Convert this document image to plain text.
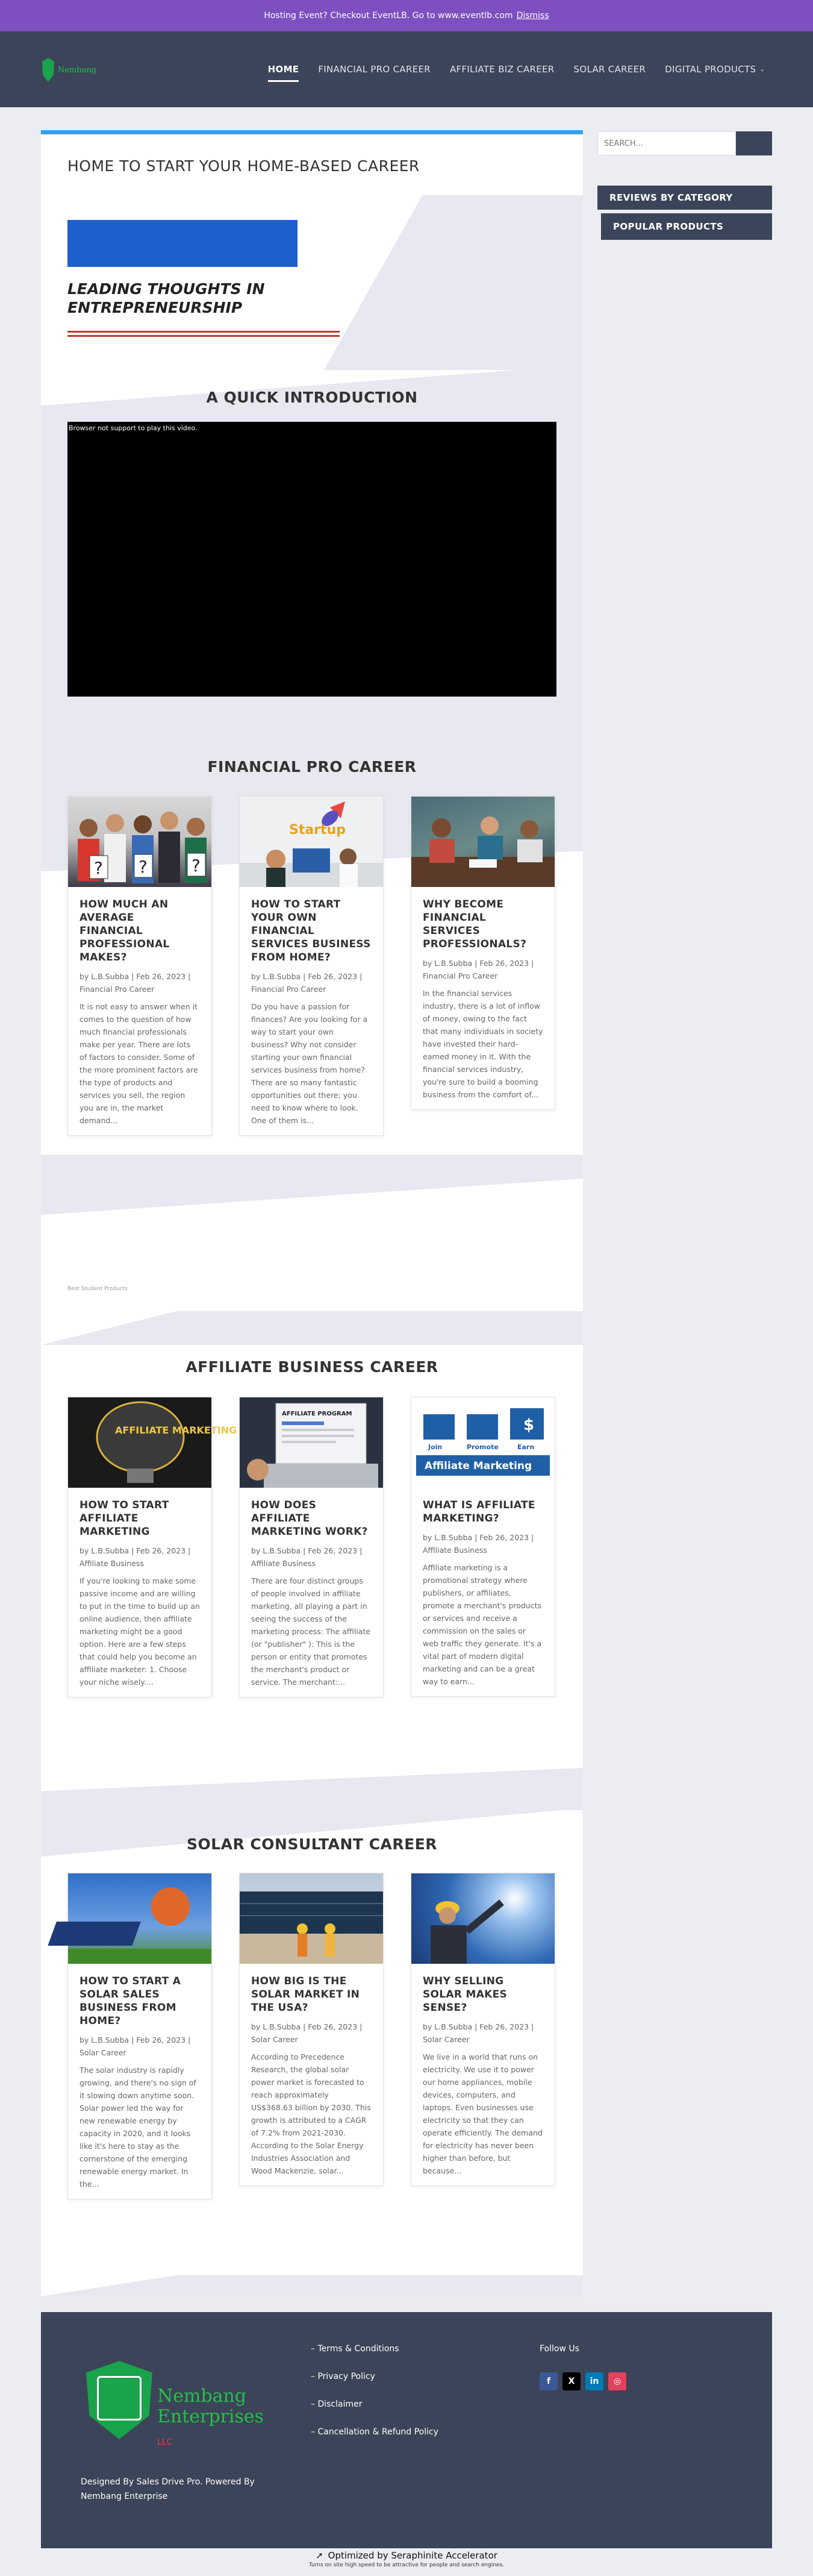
Hosting Event? Checkout EventLB. Go to www.eventlb.com Dismiss
Nembang	HOME FINANCIAL PRO CAREER AFFILIATE BIZ CAREER SOLAR CAREER DIGITAL PRODUCTS ⌄
HOME TO START YOUR HOME-BASED CAREER
LEADING THOUGHTS IN ENTREPRENEURSHIP
A QUICK INTRODUCTION
Browser not support to play this video.
FINANCIAL PRO CAREER
? ?	?
HOW MUCH AN AVERAGE FINANCIAL PROFESSIONAL MAKES?
by L.B.Subba | Feb 26, 2023 | Financial Pro Career
It is not easy to answer when it comes to the question of how much financial professionals make per year. There are lots of factors to consider. Some of the more prominent factors are the type of products and services you sell, the region you are in, the market demand...
Startup
HOW TO START YOUR OWN FINANCIAL SERVICES BUSINESS FROM HOME?
by L.B.Subba | Feb 26, 2023 | Financial Pro Career
Do you have a passion for finances? Are you looking for a way to start your own business? Why not consider starting your own financial services business from home? There are so many fantastic opportunities out there; you need to know where to look. One of them is...
WHY BECOME FINANCIAL SERVICES PROFESSIONALS?
by L.B.Subba | Feb 26, 2023 | Financial Pro Career
In the financial services industry, there is a lot of inflow of money, owing to the fact that many individuals in society have invested their hard-earned money in it. With the financial services industry, you're sure to build a booming business from the comfort of...
Best Student Products
AFFILIATE BUSINESS CAREER
AFFILIATE MARKETING
HOW TO START AFFILIATE MARKETING
by L.B.Subba | Feb 26, 2023 | Affiliate Business
If you're looking to make some passive income and are willing to put in the time to build up an online audience, then affiliate marketing might be a good option. Here are a few steps that could help you become an affiliate marketer: 1. Choose your niche wisely....
AFFILIATE PROGRAM
HOW DOES AFFILIATE MARKETING WORK?
by L.B.Subba | Feb 26, 2023 | Affiliate Business
There are four distinct groups of people involved in affiliate marketing, all playing a part in seeing the success of the marketing process: The affiliate (or "publisher" ): This is the person or entity that promotes the merchant's product or service. The merchant:...
$
Join	Promote	Earn
Affiliate Marketing
WHAT IS AFFILIATE MARKETING?
by L.B.Subba | Feb 26, 2023 | Affiliate Business
Affiliate marketing is a promotional strategy where publishers, or affiliates, promote a merchant's products or services and receive a commission on the sales or web traffic they generate. It's a vital part of modern digital marketing and can be a great way to earn...
SOLAR CONSULTANT CAREER
HOW TO START A SOLAR SALES BUSINESS FROM HOME?
by L.B.Subba | Feb 26, 2023 | Solar Career
The solar industry is rapidly growing, and there's no sign of it slowing down anytime soon. Solar power led the way for new renewable energy by capacity in 2020, and it looks like it's here to stay as the cornerstone of the emerging renewable energy market. In the...
HOW BIG IS THE SOLAR MARKET IN THE USA?
by L.B.Subba | Feb 26, 2023 | Solar Career
According to Precedence Research, the global solar power market is forecasted to reach approximately US$368.63 billion by 2030. This growth is attributed to a CAGR of 7.2% from 2021-2030. According to the Solar Energy Industries Association and Wood Mackenzie, solar...
WHY SELLING SOLAR MAKES SENSE?
by L.B.Subba | Feb 26, 2023 | Solar Career
We live in a world that runs on electricity. We use it to power our home appliances, mobile devices, computers, and laptops. Even businesses use electricity so that they can operate efficiently. The demand for electricity has never been higher than before, but because...
SEARCH...
REVIEWS BY CATEGORY
POPULAR PRODUCTS
Nembang
Enterprises
LLC
– Terms & Conditions
– Privacy Policy
– Disclaimer
– Cancellation & Refund Policy
Follow Us
f	X	in	◎
Designed By Sales Drive Pro. Powered By Nembang Enterprise
➚ Optimized by Seraphinite Accelerator
Turns on site high speed to be attractive for people and search engines.
